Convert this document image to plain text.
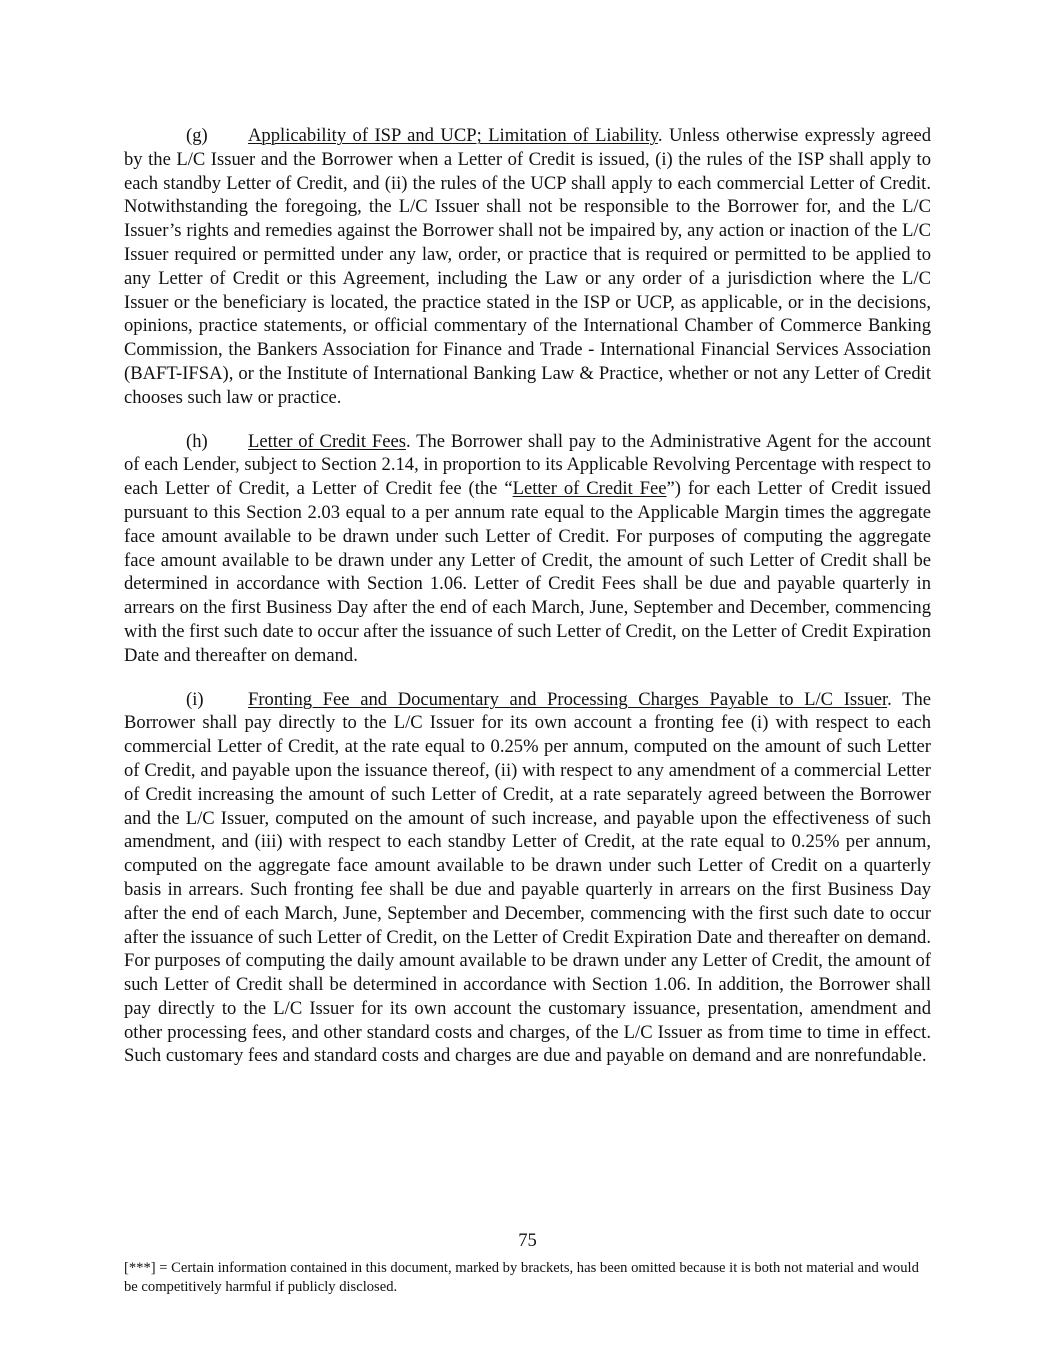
(g) Applicability of ISP and UCP; Limitation of Liability. Unless otherwise expressly agreed by the L/C Issuer and the Borrower when a Letter of Credit is issued, (i) the rules of the ISP shall apply to each standby Letter of Credit, and (ii) the rules of the UCP shall apply to each commercial Letter of Credit. Notwithstanding the foregoing, the L/C Issuer shall not be responsible to the Borrower for, and the L/C Issuer’s rights and remedies against the Borrower shall not be impaired by, any action or inaction of the L/C Issuer required or permitted under any law, order, or practice that is required or permitted to be applied to any Letter of Credit or this Agreement, including the Law or any order of a jurisdiction where the L/C Issuer or the beneficiary is located, the practice stated in the ISP or UCP, as applicable, or in the decisions, opinions, practice statements, or official commentary of the International Chamber of Commerce Banking Commission, the Bankers Association for Finance and Trade - International Financial Services Association (BAFT-IFSA), or the Institute of International Banking Law & Practice, whether or not any Letter of Credit chooses such law or practice.

(h) Letter of Credit Fees. The Borrower shall pay to the Administrative Agent for the account of each Lender, subject to Section 2.14, in proportion to its Applicable Revolving Percentage with respect to each Letter of Credit, a Letter of Credit fee (the “Letter of Credit Fee”) for each Letter of Credit issued pursuant to this Section 2.03 equal to a per annum rate equal to the Applicable Margin times the aggregate face amount available to be drawn under such Letter of Credit. For purposes of computing the aggregate face amount available to be drawn under any Letter of Credit, the amount of such Letter of Credit shall be determined in accordance with Section 1.06. Letter of Credit Fees shall be due and payable quarterly in arrears on the first Business Day after the end of each March, June, September and December, commencing with the first such date to occur after the issuance of such Letter of Credit, on the Letter of Credit Expiration Date and thereafter on demand.

(i) Fronting Fee and Documentary and Processing Charges Payable to L/C Issuer. The Borrower shall pay directly to the L/C Issuer for its own account a fronting fee (i) with respect to each commercial Letter of Credit, at the rate equal to 0.25% per annum, computed on the amount of such Letter of Credit, and payable upon the issuance thereof, (ii) with respect to any amendment of a commercial Letter of Credit increasing the amount of such Letter of Credit, at a rate separately agreed between the Borrower and the L/C Issuer, computed on the amount of such increase, and payable upon the effectiveness of such amendment, and (iii) with respect to each standby Letter of Credit, at the rate equal to 0.25% per annum, computed on the aggregate face amount available to be drawn under such Letter of Credit on a quarterly basis in arrears. Such fronting fee shall be due and payable quarterly in arrears on the first Business Day after the end of each March, June, September and December, commencing with the first such date to occur after the issuance of such Letter of Credit, on the Letter of Credit Expiration Date and thereafter on demand. For purposes of computing the daily amount available to be drawn under any Letter of Credit, the amount of such Letter of Credit shall be determined in accordance with Section 1.06. In addition, the Borrower shall pay directly to the L/C Issuer for its own account the customary issuance, presentation, amendment and other processing fees, and other standard costs and charges, of the L/C Issuer as from time to time in effect. Such customary fees and standard costs and charges are due and payable on demand and are nonrefundable.

75
[***] = Certain information contained in this document, marked by brackets, has been omitted because it is both not material and would be competitively harmful if publicly disclosed.
